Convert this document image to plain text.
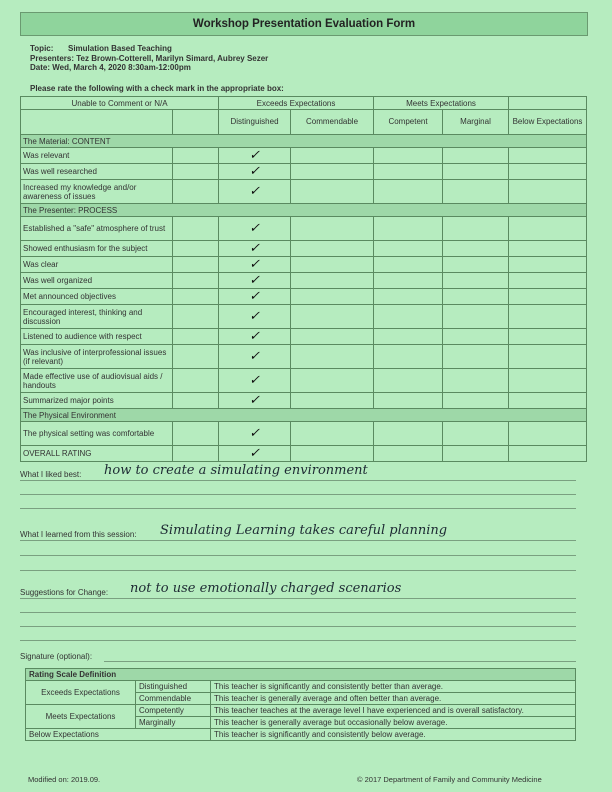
Workshop Presentation Evaluation Form
Topic: Simulation Based Teaching
Presenters: Tez Brown-Cotterell, Marilyn Simard, Aubrey Sezer
Date: Wed, March 4, 2020 8:30am-12:00pm
Please rate the following with a check mark in the appropriate box:
Unable to Comment or N/A		Exceeds Expectations		Meets Expectations		
		Distinguished	Commendable	Competent	Marginal	Below Expectations
The Material: CONTENT						
Was relevant		✓				
Was well researched		✓				
Increased my knowledge and/or awareness of issues		✓				
The Presenter: PROCESS						
Established a "safe" atmosphere of trust		✓				
Showed enthusiasm for the subject		✓				
Was clear		✓				
Was well organized		✓				
Met announced objectives		✓				
Encouraged interest, thinking and discussion		✓				
Listened to audience with respect		✓				
Was inclusive of interprofessional issues (if relevant)		✓				
Made effective use of audiovisual aids / handouts		✓				
Summarized major points		✓				
The Physical Environment						
The physical setting was comfortable		✓				
OVERALL RATING		✓				
What I liked best: how to create a simulating environment
What I learned from this session: Simulating Learning takes careful planning
Suggestions for Change: not to use emotionally charged scenarios
Signature (optional):
Rating Scale Definition		
Exceeds Expectations	Distinguished	This teacher is significantly and consistently better than average.
	Commendable	This teacher is generally average and often better than average.
Meets Expectations	Competently	This teacher teaches at the average level I have experienced and is overall satisfactory.
	Marginally	This teacher is generally average but occasionally below average.
Below Expectations		This teacher is significantly and consistently below average.
Modified on: 2019.09.	© 2017 Department of Family and Community Medicine
